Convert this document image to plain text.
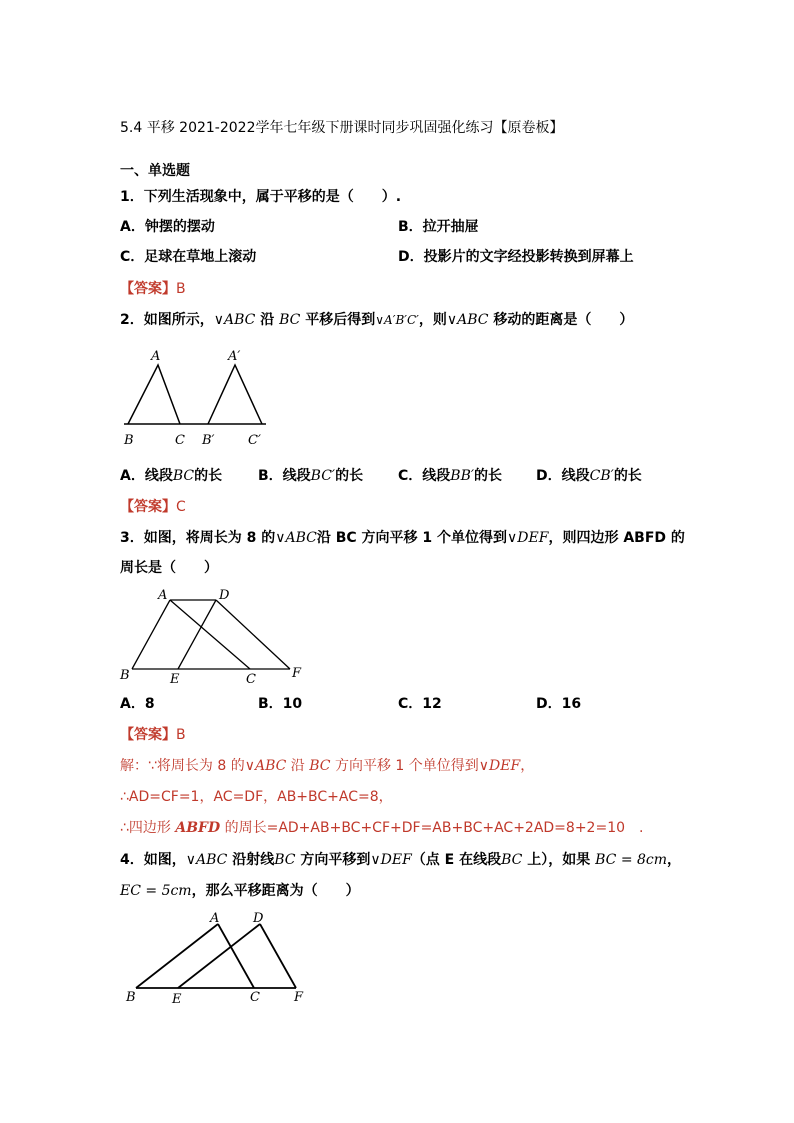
5.4 平移 2021-2022学年七年级下册课时同步巩固强化练习【原卷板】
一、单选题
1．下列生活现象中，属于平移的是（　　）.
A．钟摆的摆动	B．拉开抽屉
C．足球在草地上滚动	D．投影片的文字经投影转换到屏幕上
【答案】B
2．如图所示，∨ABC 沿 BC 平移后得到∨A′B′C′，则∨ABC 移动的距离是（　　）
A	A′
B	C B′	C′
A．线段BC的长	B．线段BC′的长 C．线段BB′的长 D．线段CB′的长
【答案】C
3．如图，将周长为 8 的∨ABC沿 BC 方向平移 1 个单位得到∨DEF，则四边形 ABFD 的
周长是（　　）
A	D
B	E	C	F
A．8	B．10	C．12	D．16
【答案】B
解：∵将周长为 8 的∨ABC 沿 BC 方向平移 1 个单位得到∨DEF，
∴AD=CF=1，AC=DF，AB+BC+AC=8，
∴四边形 ABFD 的周长=AD+AB+BC+CF+DF=AB+BC+AC+2AD=8+2=10　.
4．如图，∨ABC 沿射线BC 方向平移到∨DEF（点 E 在线段BC 上），如果 BC = 8cm，
EC = 5cm，那么平移距离为（　　）
A	D
B	E	C	F
